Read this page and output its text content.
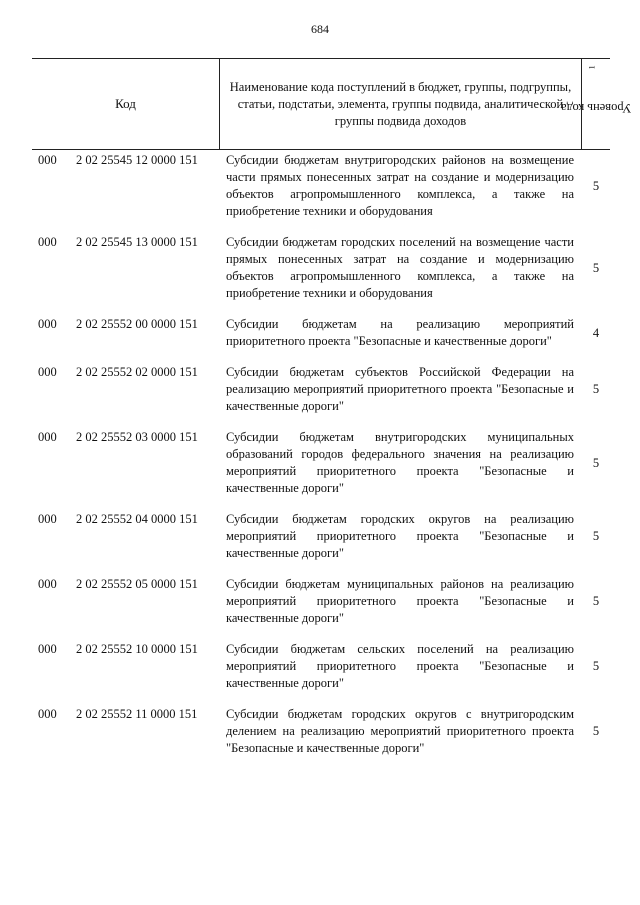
684
Код
Наименование кода поступлений в бюджет, группы, подгруппы, статьи, подстатьи, элемента, группы подвида, аналитической группы подвида доходов
Уровень кода $^1$
000 2 02 25545 12 0000 151 Субсидии бюджетам внутригородских районов на возмещение части прямых понесенных затрат на создание и модернизацию объектов агропромышленного комплекса, а также на приобретение техники и оборудования
5
000 2 02 25545 13 0000 151 Субсидии бюджетам городских поселений на возмещение части прямых понесенных затрат на создание и модернизацию объектов агропромышленного комплекса, а также на приобретение техники и оборудования
5
000 2 02 25552 00 0000 151 Субсидии бюджетам на реализацию мероприятий приоритетного проекта "Безопасные и качественные дороги"
4
000 2 02 25552 02 0000 151 Субсидии бюджетам субъектов Российской Федерации на реализацию мероприятий приоритетного проекта "Безопасные и качественные дороги"
5
000 2 02 25552 03 0000 151 Субсидии бюджетам внутригородских муниципальных образований городов федерального значения на реализацию мероприятий приоритетного проекта "Безопасные и качественные дороги"
5
000 2 02 25552 04 0000 151 Субсидии бюджетам городских округов на реализацию мероприятий приоритетного проекта "Безопасные и качественные дороги"
5
000 2 02 25552 05 0000 151 Субсидии бюджетам муниципальных районов на реализацию мероприятий приоритетного проекта "Безопасные и качественные дороги"
5
000 2 02 25552 10 0000 151 Субсидии бюджетам сельских поселений на реализацию мероприятий приоритетного проекта "Безопасные и качественные дороги"
5
000 2 02 25552 11 0000 151 Субсидии бюджетам городских округов с внутригородским делением на реализацию мероприятий приоритетного проекта "Безопасные и качественные дороги"
5
